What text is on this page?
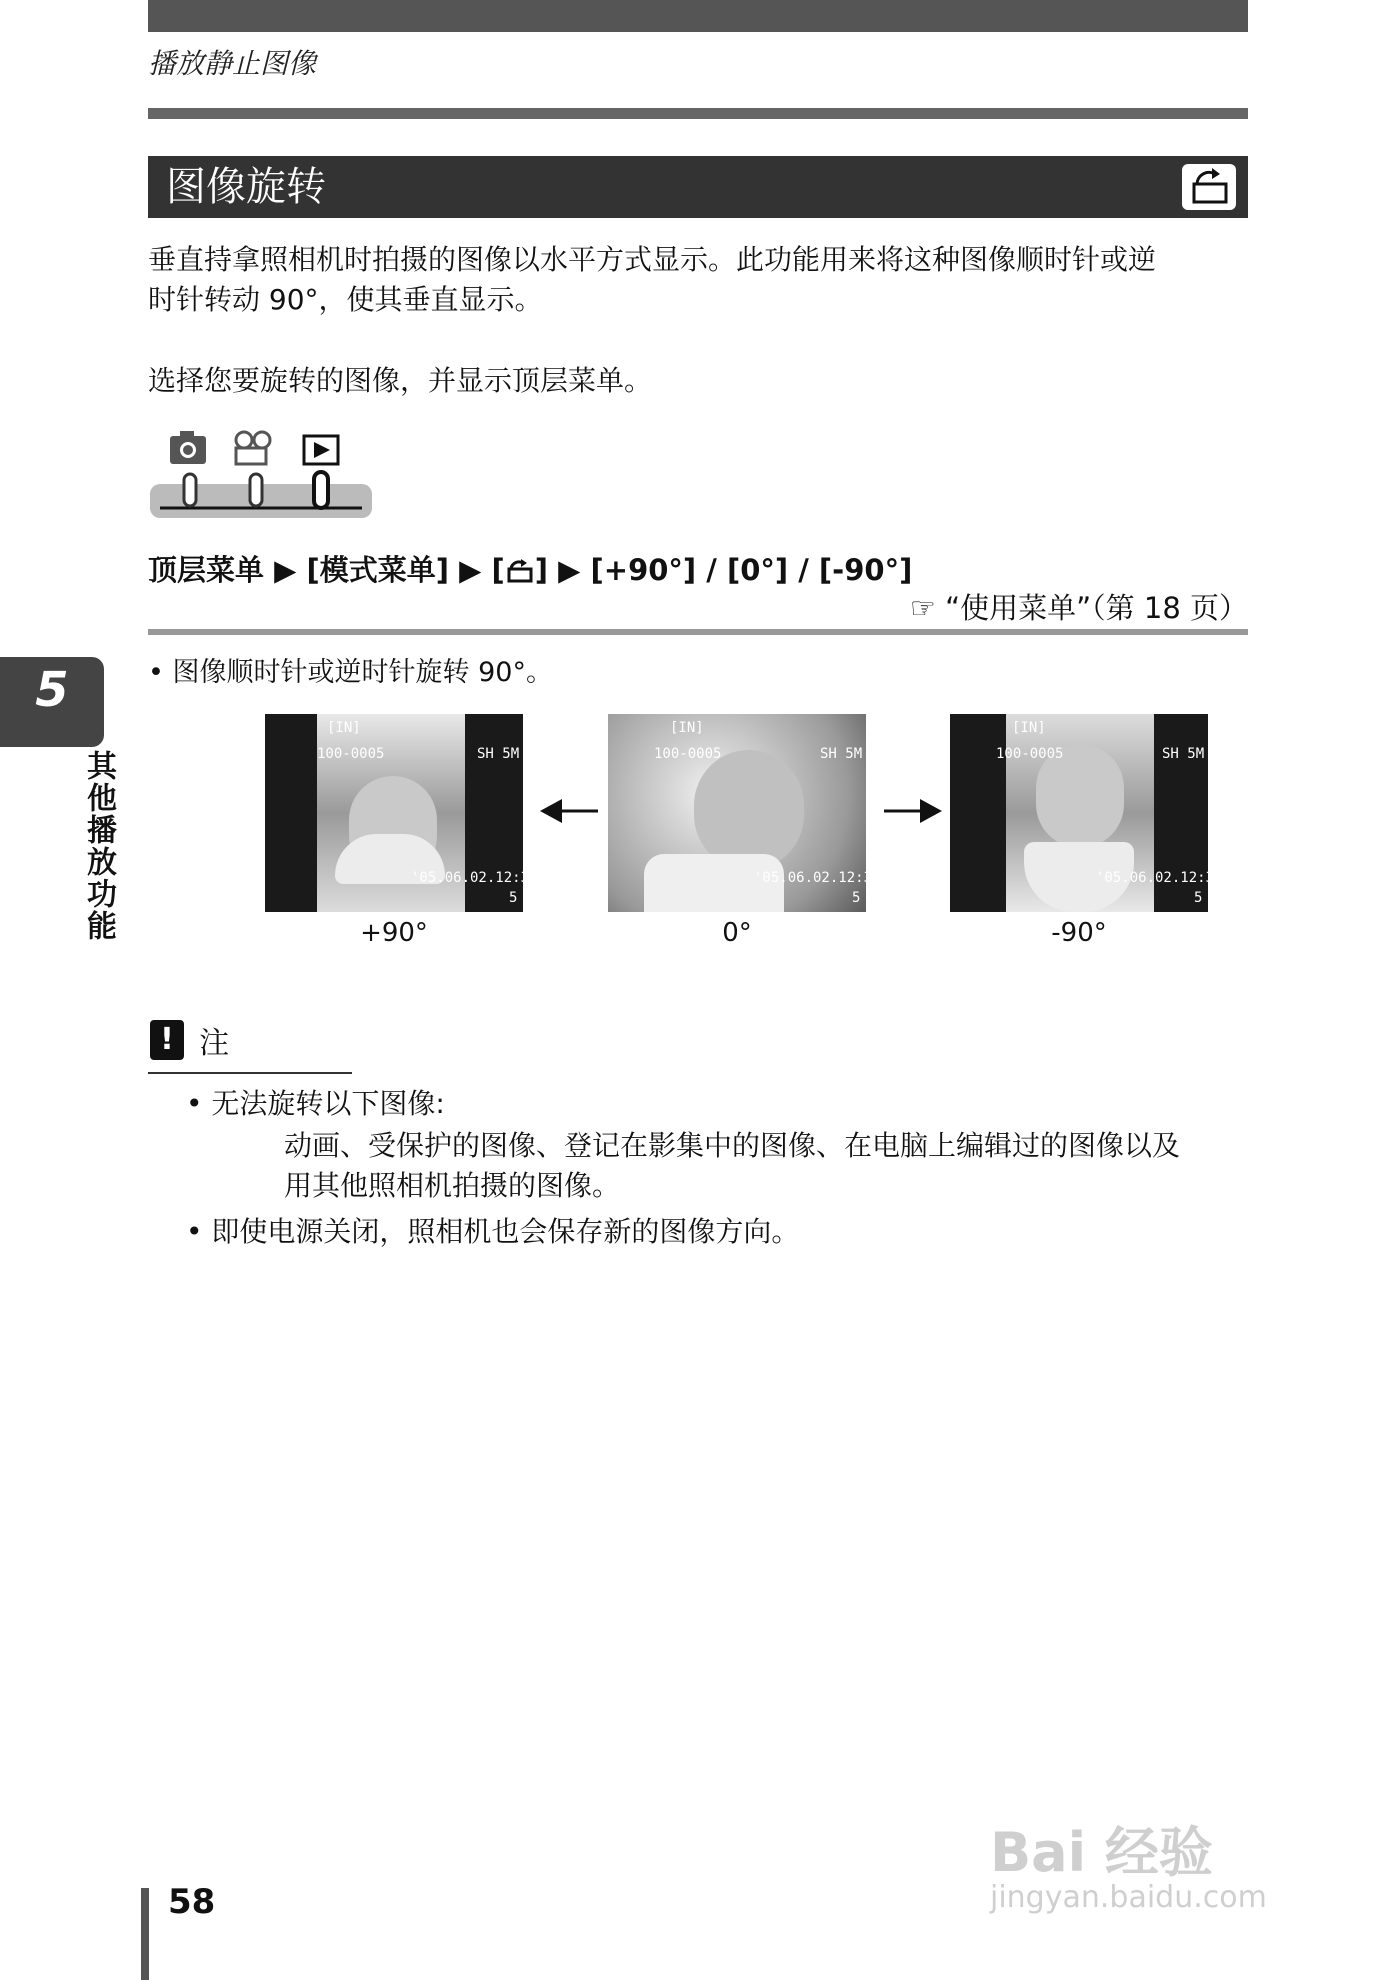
播放静止图像
图像旋转
垂直持拿照相机时拍摄的图像以水平方式显示。此功能用来将这种图像顺时针或逆
时针转动 90°，使其垂直显示。
选择您要旋转的图像，并显示顶层菜单。
顶层菜单 ▶ [模式菜单] ▶ [ ] ▶ [+90°] / [0°] / [-90°]
☞ “使用菜单”（第 18 页）
• 图像顺时针或逆时针旋转 90°。
5
其他播放功能
[IN]
100-0005	SH 5M
'05.06.02.12:30
5
[IN]
100-0005	SH 5M
'05.06.02.12:30
5
[IN]
100-0005	SH 5M
'05.06.02.12:30
5
+90°	0°	-90°
! 注
• 无法旋转以下图像:
动画、受保护的图像、登记在影集中的图像、在电脑上编辑过的图像以及
用其他照相机拍摄的图像。
• 即使电源关闭，照相机也会保存新的图像方向。
58
Bai 经验
jingyan.baidu.com
